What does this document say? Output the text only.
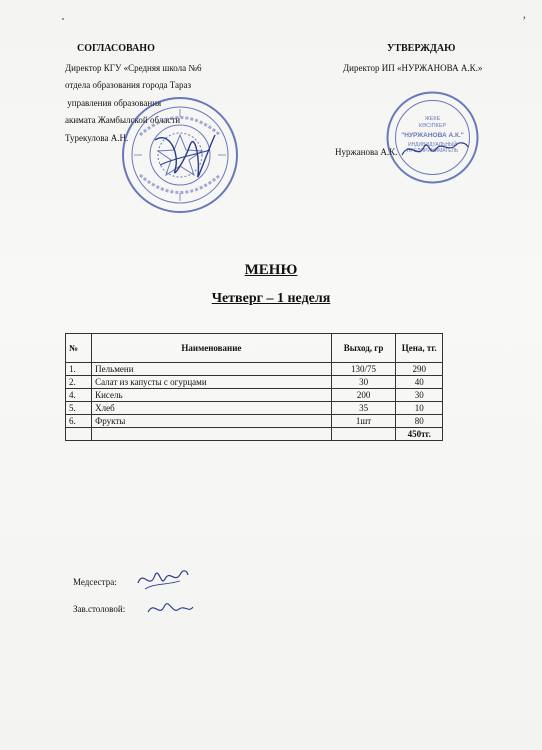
,
СОГЛАСОВАНО
Директор КГУ «Средняя школа №6
отдела образования города Тараз
управления образования
акимата Жамбылской области
Турекулова А.Н.
УТВЕРЖДАЮ
Директор ИП «НУРЖАНОВА А.К.»
Нуржанова А.К.
ЖЕКЕ
КӘСІПКЕР
"НУРЖАНОВА А.К."
ИНДИВИДУАЛЬНЫЙ
ПРЕДПРИНИМАТЕЛЬ
МЕНЮ
Четверг – 1 неделя
№	Наименование	Выход, гр	Цена, тг.
1.	Пельмени	130/75	290
2.	Салат из капусты с огурцами	30	40
4.	Кисель	200	30
5.	Хлеб	35	10
6.	Фрукты	1шт	80
			450тг.
Медсестра:
Зав.столовой:
